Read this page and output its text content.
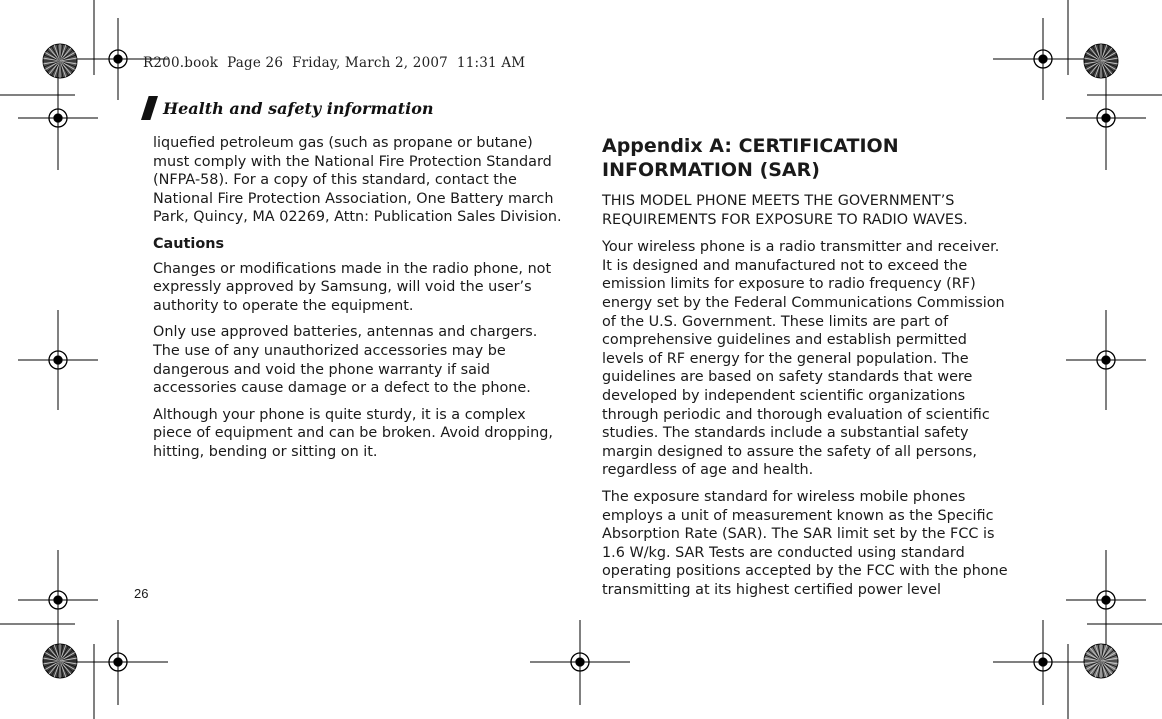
R200.book  Page 26  Friday, March 2, 2007  11:31 AM
Health and safety information

liquefied petroleum gas (such as propane or butane) must comply with the National Fire Protection Standard (NFPA-58). For a copy of this standard, contact the National Fire Protection Association, One Battery march Park, Quincy, MA 02269, Attn: Publication Sales Division.

Cautions

Changes or modifications made in the radio phone, not expressly approved by Samsung, will void the user’s authority to operate the equipment.

Only use approved batteries, antennas and chargers. The use of any unauthorized accessories may be dangerous and void the phone warranty if said accessories cause damage or a defect to the phone.

Although your phone is quite sturdy, it is a complex piece of equipment and can be broken. Avoid dropping, hitting, bending or sitting on it.

Appendix A: CERTIFICATION INFORMATION (SAR)

THIS MODEL PHONE MEETS THE GOVERNMENT’S REQUIREMENTS FOR EXPOSURE TO RADIO WAVES.

Your wireless phone is a radio transmitter and receiver. It is designed and manufactured not to exceed the emission limits for exposure to radio frequency (RF) energy set by the Federal Communications Commission of the U.S. Government. These limits are part of comprehensive guidelines and establish permitted levels of RF energy for the general population. The guidelines are based on safety standards that were developed by independent scientific organizations through periodic and thorough evaluation of scientific studies. The standards include a substantial safety margin designed to assure the safety of all persons, regardless of age and health.

The exposure standard for wireless mobile phones employs a unit of measurement known as the Specific Absorption Rate (SAR). The SAR limit set by the FCC is 1.6 W/kg. SAR Tests are conducted using standard operating positions accepted by the FCC with the phone transmitting at its highest certified power level

26
